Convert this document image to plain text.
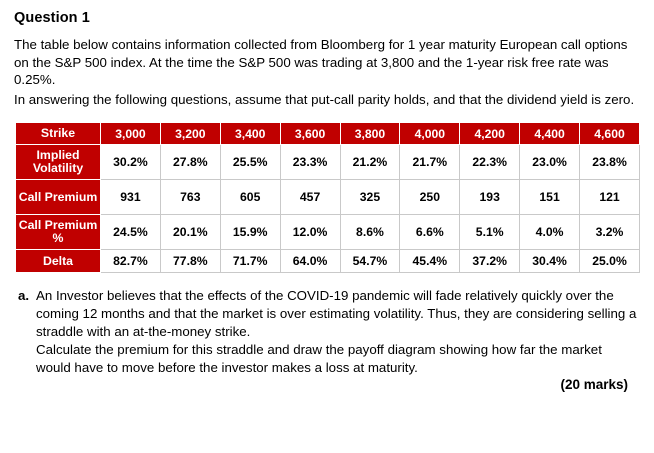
Question 1

The table below contains information collected from Bloomberg for 1 year maturity European call options on the S&P 500 index. At the time the S&P 500 was trading at 3,800 and the 1-year risk free rate was 0.25%.

In answering the following questions, assume that put-call parity holds, and that the dividend yield is zero.

Strike	3,000	3,200	3,400	3,600	3,800	4,000	4,200	4,400	4,600
Implied Volatility	30.2%	27.8%	25.5%	23.3%	21.2%	21.7%	22.3%	23.0%	23.8%
Call Premium	931	763	605	457	325	250	193	151	121
Call Premium %	24.5%	20.1%	15.9%	12.0%	8.6%	6.6%	5.1%	4.0%	3.2%
Delta	82.7%	77.8%	71.7%	64.0%	54.7%	45.4%	37.2%	30.4%	25.0%
a. An Investor believes that the effects of the COVID-19 pandemic will fade relatively quickly over the coming 12 months and that the market is over estimating volatility. Thus, they are considering selling a straddle with an at-the-money strike.

Calculate the premium for this straddle and draw the payoff diagram showing how far the market would have to move before the investor makes a loss at maturity.

(20 marks)
